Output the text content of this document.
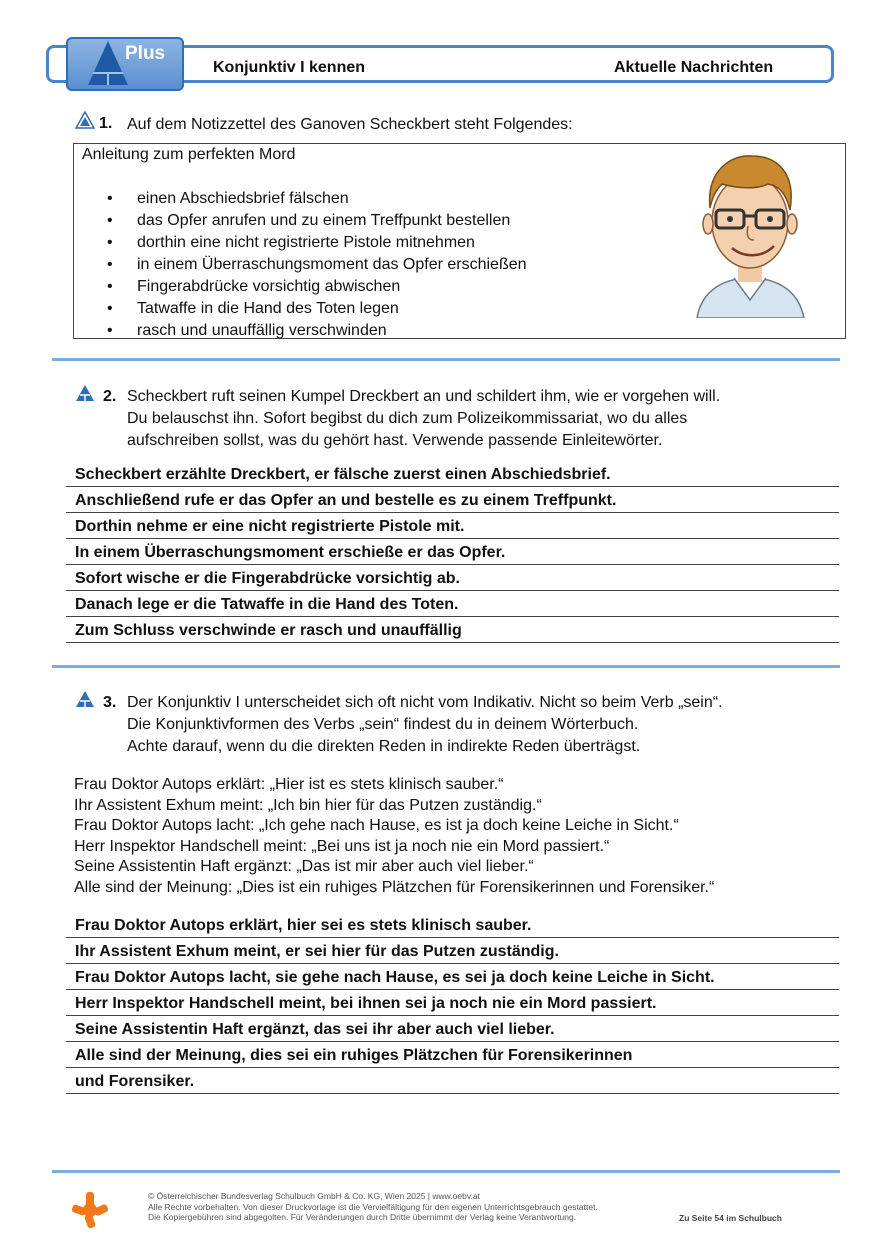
Plus
Konjunktiv I kennen	Aktuelle Nachrichten
1. Auf dem Notizzettel des Ganoven Scheckbert steht Folgendes:
Anleitung zum perfekten Mord
• einen Abschiedsbrief fälschen
• das Opfer anrufen und zu einem Treffpunkt bestellen
• dorthin eine nicht registrierte Pistole mitnehmen
• in einem Überraschungsmoment das Opfer erschießen
• Fingerabdrücke vorsichtig abwischen
• Tatwaffe in die Hand des Toten legen
• rasch und unauffällig verschwinden
2. Scheckbert ruft seinen Kumpel Dreckbert an und schildert ihm, wie er vorgehen will.
Du belauschst ihn. Sofort begibst du dich zum Polizeikommissariat, wo du alles
aufschreiben sollst, was du gehört hast. Verwende passende Einleitewörter.
Scheckbert erzählte Dreckbert, er fälsche zuerst einen Abschiedsbrief.
Anschließend rufe er das Opfer an und bestelle es zu einem Treffpunkt.
Dorthin nehme er eine nicht registrierte Pistole mit.
In einem Überraschungsmoment erschieße er das Opfer.
Sofort wische er die Fingerabdrücke vorsichtig ab.
Danach lege er die Tatwaffe in die Hand des Toten.
Zum Schluss verschwinde er rasch und unauffällig
3. Der Konjunktiv I unterscheidet sich oft nicht vom Indikativ. Nicht so beim Verb „sein“.
Die Konjunktivformen des Verbs „sein“ findest du in deinem Wörterbuch.
Achte darauf, wenn du die direkten Reden in indirekte Reden überträgst.
Frau Doktor Autops erklärt: „Hier ist es stets klinisch sauber.“
Ihr Assistent Exhum meint: „Ich bin hier für das Putzen zuständig.“
Frau Doktor Autops lacht: „Ich gehe nach Hause, es ist ja doch keine Leiche in Sicht.“
Herr Inspektor Handschell meint: „Bei uns ist ja noch nie ein Mord passiert.“
Seine Assistentin Haft ergänzt: „Das ist mir aber auch viel lieber.“
Alle sind der Meinung: „Dies ist ein ruhiges Plätzchen für Forensikerinnen und Forensiker.“
Frau Doktor Autops erklärt, hier sei es stets klinisch sauber.
Ihr Assistent Exhum meint, er sei hier für das Putzen zuständig.
Frau Doktor Autops lacht, sie gehe nach Hause, es sei ja doch keine Leiche in Sicht.
Herr Inspektor Handschell meint, bei ihnen sei ja noch nie ein Mord passiert.
Seine Assistentin Haft ergänzt, das sei ihr aber auch viel lieber.
Alle sind der Meinung, dies sei ein ruhiges Plätzchen für Forensikerinnen
und Forensiker.
© Österreichischer Bundesverlag Schulbuch GmbH & Co. KG, Wien 2025 | www.oebv.at
Alle Rechte vorbehalten. Von dieser Druckvorlage ist die Vervielfältigung für den eigenen Unterrichtsgebrauch gestattet.
Die Kopiergebühren sind abgegolten. Für Veränderungen durch Dritte übernimmt der Verlag keine Verantwortung.	Zu Seite 54 im Schulbuch
